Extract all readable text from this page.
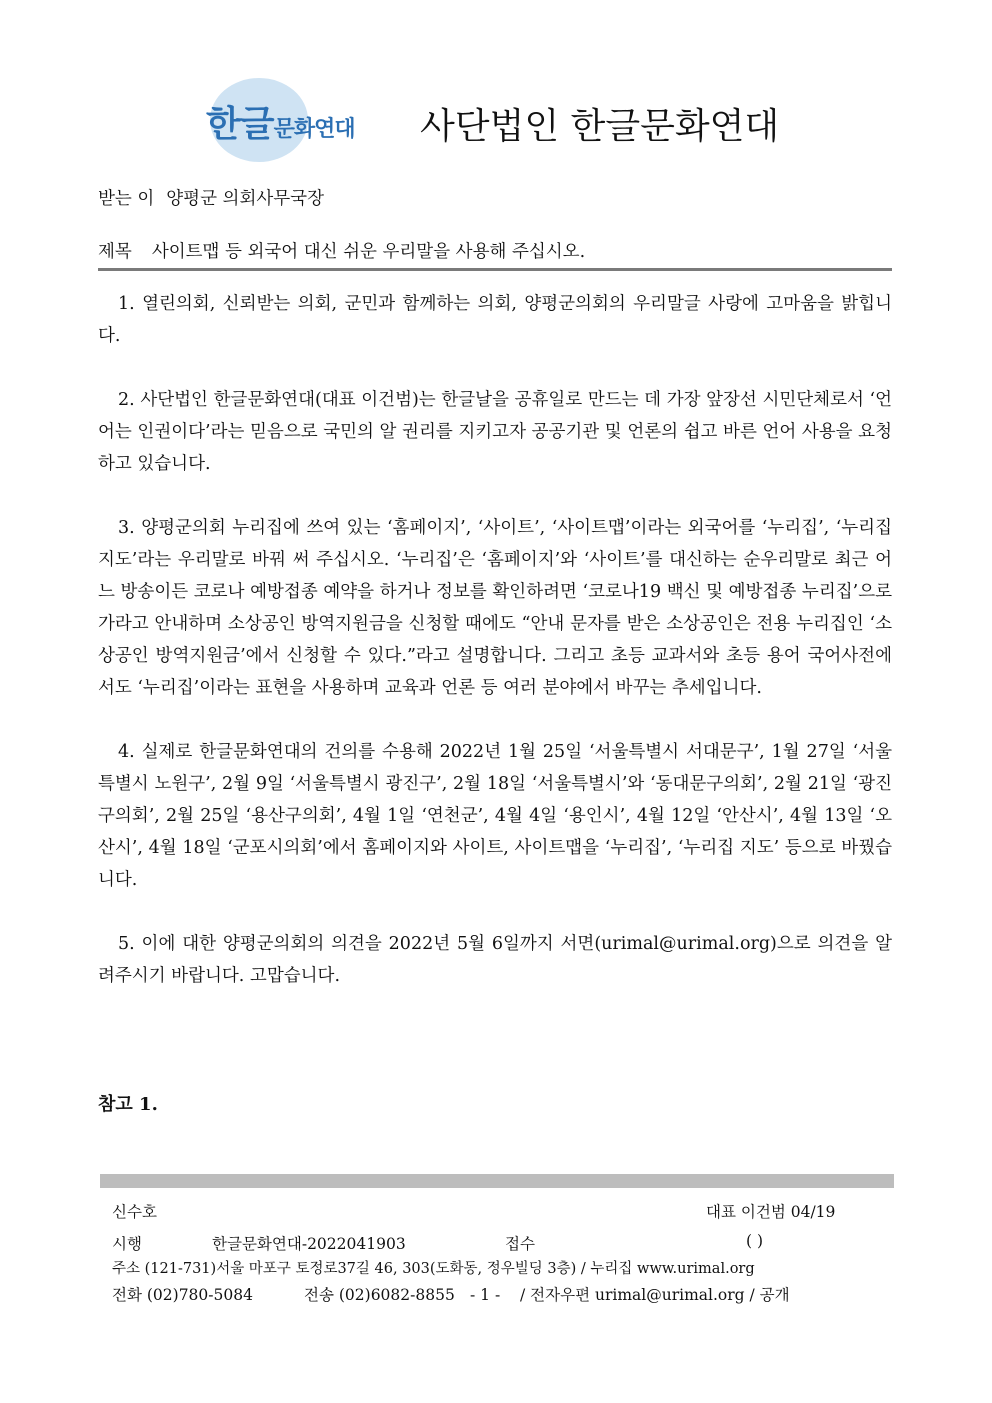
한글문화연대 사단법인 한글문화연대
받는 이 양평군 의회사무국장
제목 사이트맵 등 외국어 대신 쉬운 우리말을 사용해 주십시오.

1. 열린의회, 신뢰받는 의회, 군민과 함께하는 의회, 양평군의회의 우리말글 사랑에 고마움을 밝힙니다.

2. 사단법인 한글문화연대(대표 이건범)는 한글날을 공휴일로 만드는 데 가장 앞장선 시민단체로서 ‘언어는 인권이다’라는 믿음으로 국민의 알 권리를 지키고자 공공기관 및 언론의 쉽고 바른 언어 사용을 요청하고 있습니다.

3. 양평군의회 누리집에 쓰여 있는 ‘홈페이지’, ‘사이트’, ‘사이트맵’이라는 외국어를 ‘누리집’, ‘누리집 지도’라는 우리말로 바꿔 써 주십시오. ‘누리집’은 ‘홈페이지’와 ‘사이트’를 대신하는 순우리말로 최근 어느 방송이든 코로나 예방접종 예약을 하거나 정보를 확인하려면 ‘코로나19 백신 및 예방접종 누리집’으로 가라고 안내하며 소상공인 방역지원금을 신청할 때에도 “안내 문자를 받은 소상공인은 전용 누리집인 ‘소상공인 방역지원금’에서 신청할 수 있다.”라고 설명합니다. 그리고 초등 교과서와 초등 용어 국어사전에서도 ‘누리집’이라는 표현을 사용하며 교육과 언론 등 여러 분야에서 바꾸는 추세입니다.

4. 실제로 한글문화연대의 건의를 수용해 2022년 1월 25일 ‘서울특별시 서대문구’, 1월 27일 ‘서울특별시 노원구’, 2월 9일 ‘서울특별시 광진구’, 2월 18일 ‘서울특별시’와 ‘동대문구의회’, 2월 21일 ‘광진구의회’, 2월 25일 ‘용산구의회’, 4월 1일 ‘연천군’, 4월 4일 ‘용인시’, 4월 12일 ‘안산시’, 4월 13일 ‘오산시’, 4월 18일 ‘군포시의회’에서 홈페이지와 사이트, 사이트맵을 ‘누리집’, ‘누리집 지도’ 등으로 바꿨습니다.

5. 이에 대한 양평군의회의 의견을 2022년 5월 6일까지 서면(urimal@urimal.org)으로 의견을 알려주시기 바랍니다. 고맙습니다.

참고 1.
신수호	대표 이건범 04/19
시행	한글문화연대-2022041903	접수	( )
주소 (121-731)서울 마포구 토정로37길 46, 303(도화동, 정우빌딩 3층) / 누리집 www.urimal.org
전화 (02)780-5084	전송 (02)6082-8855 - 1 - / 전자우편 urimal@urimal.org / 공개
